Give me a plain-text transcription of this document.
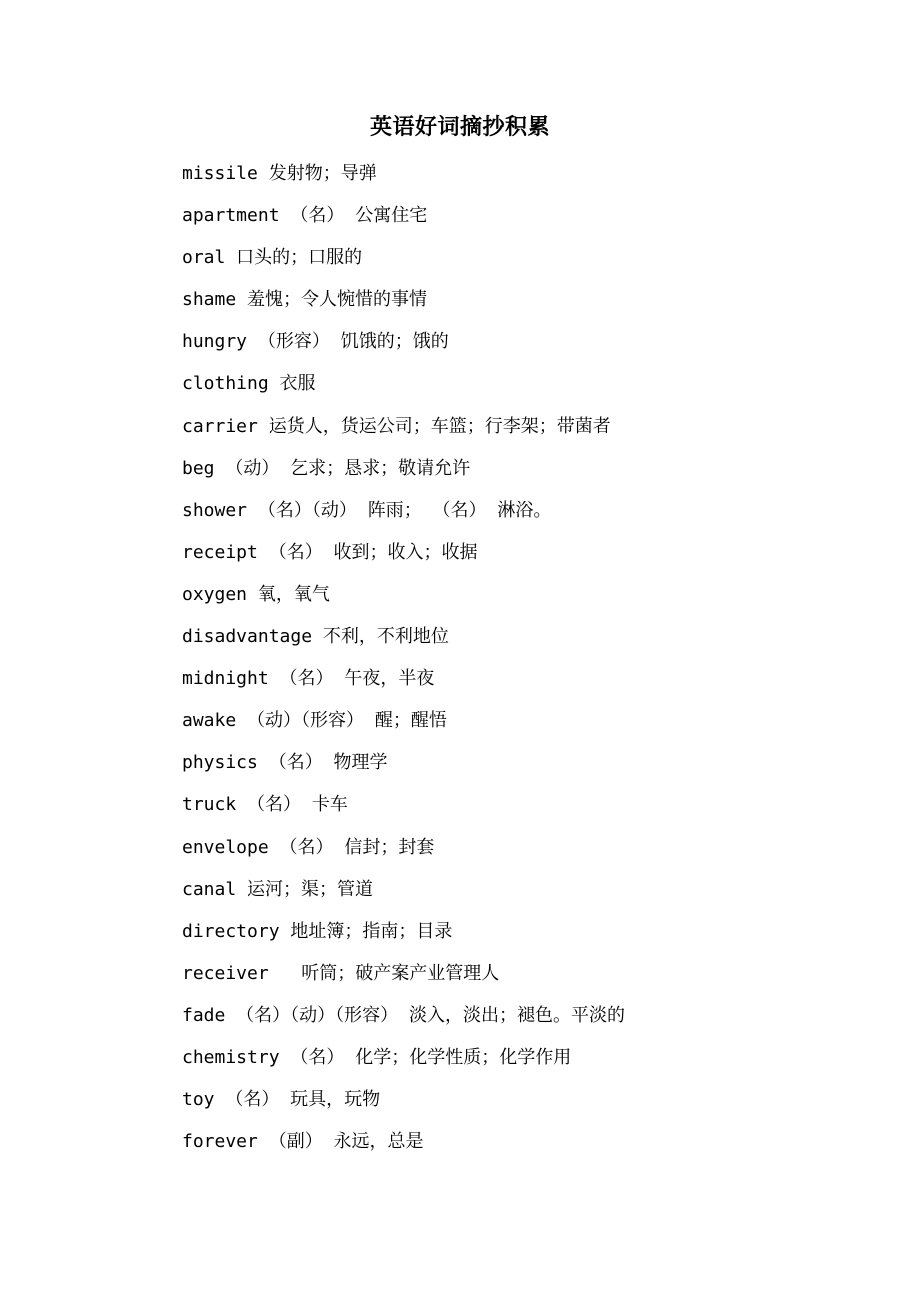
英语好词摘抄积累
missile 发射物；导弹
apartment （名） 公寓住宅
oral 口头的；口服的
shame 羞愧；令人惋惜的事情
hungry （形容） 饥饿的；饿的
clothing 衣服
carrier 运货人，货运公司；车篮；行李架；带菌者
beg （动） 乞求；恳求；敬请允许
shower （名）（动） 阵雨； （名） 淋浴。
receipt （名） 收到；收入；收据
oxygen 氧，氧气
disadvantage 不利，不利地位
midnight （名） 午夜，半夜
awake （动）（形容） 醒；醒悟
physics （名） 物理学
truck （名） 卡车
envelope （名） 信封；封套
canal 运河；渠；管道
directory 地址簿；指南；目录
receiver   听筒；破产案产业管理人
fade （名）（动）（形容） 淡入，淡出；褪色。平淡的
chemistry （名） 化学；化学性质；化学作用
toy （名） 玩具，玩物
forever （副） 永远，总是
